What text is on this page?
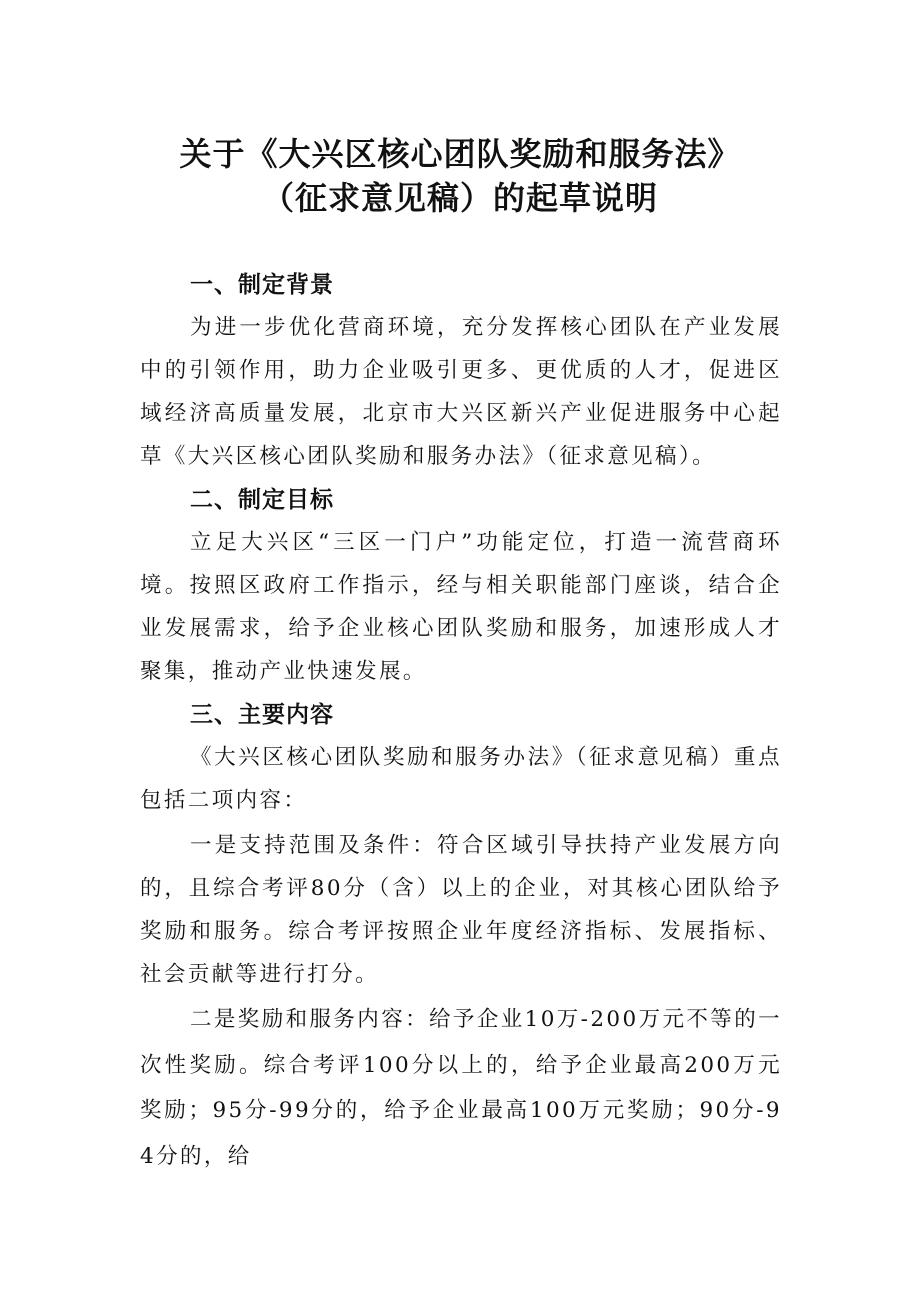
关于《大兴区核心团队奖励和服务法》
（征求意见稿）的起草说明
一、制定背景

为进一步优化营商环境，充分发挥核心团队在产业发展中的引领作用，助力企业吸引更多、更优质的人才，促进区域经济高质量发展，北京市大兴区新兴产业促进服务中心起草《大兴区核心团队奖励和服务办法》（征求意见稿）。

二、制定目标

立足大兴区“三区一门户”功能定位，打造一流营商环境。按照区政府工作指示，经与相关职能部门座谈，结合企业发展需求，给予企业核心团队奖励和服务，加速形成人才聚集，推动产业快速发展。

三、主要内容

《大兴区核心团队奖励和服务办法》（征求意见稿）重点包括二项内容：

一是支持范围及条件：符合区域引导扶持产业发展方向的，且综合考评80分（含）以上的企业，对其核心团队给予奖励和服务。综合考评按照企业年度经济指标、发展指标、社会贡献等进行打分。

二是奖励和服务内容：给予企业10万-200万元不等的一次性奖励。综合考评100分以上的，给予企业最高200万元奖励；95分-99分的，给予企业最高100万元奖励；90分-94分的，给
